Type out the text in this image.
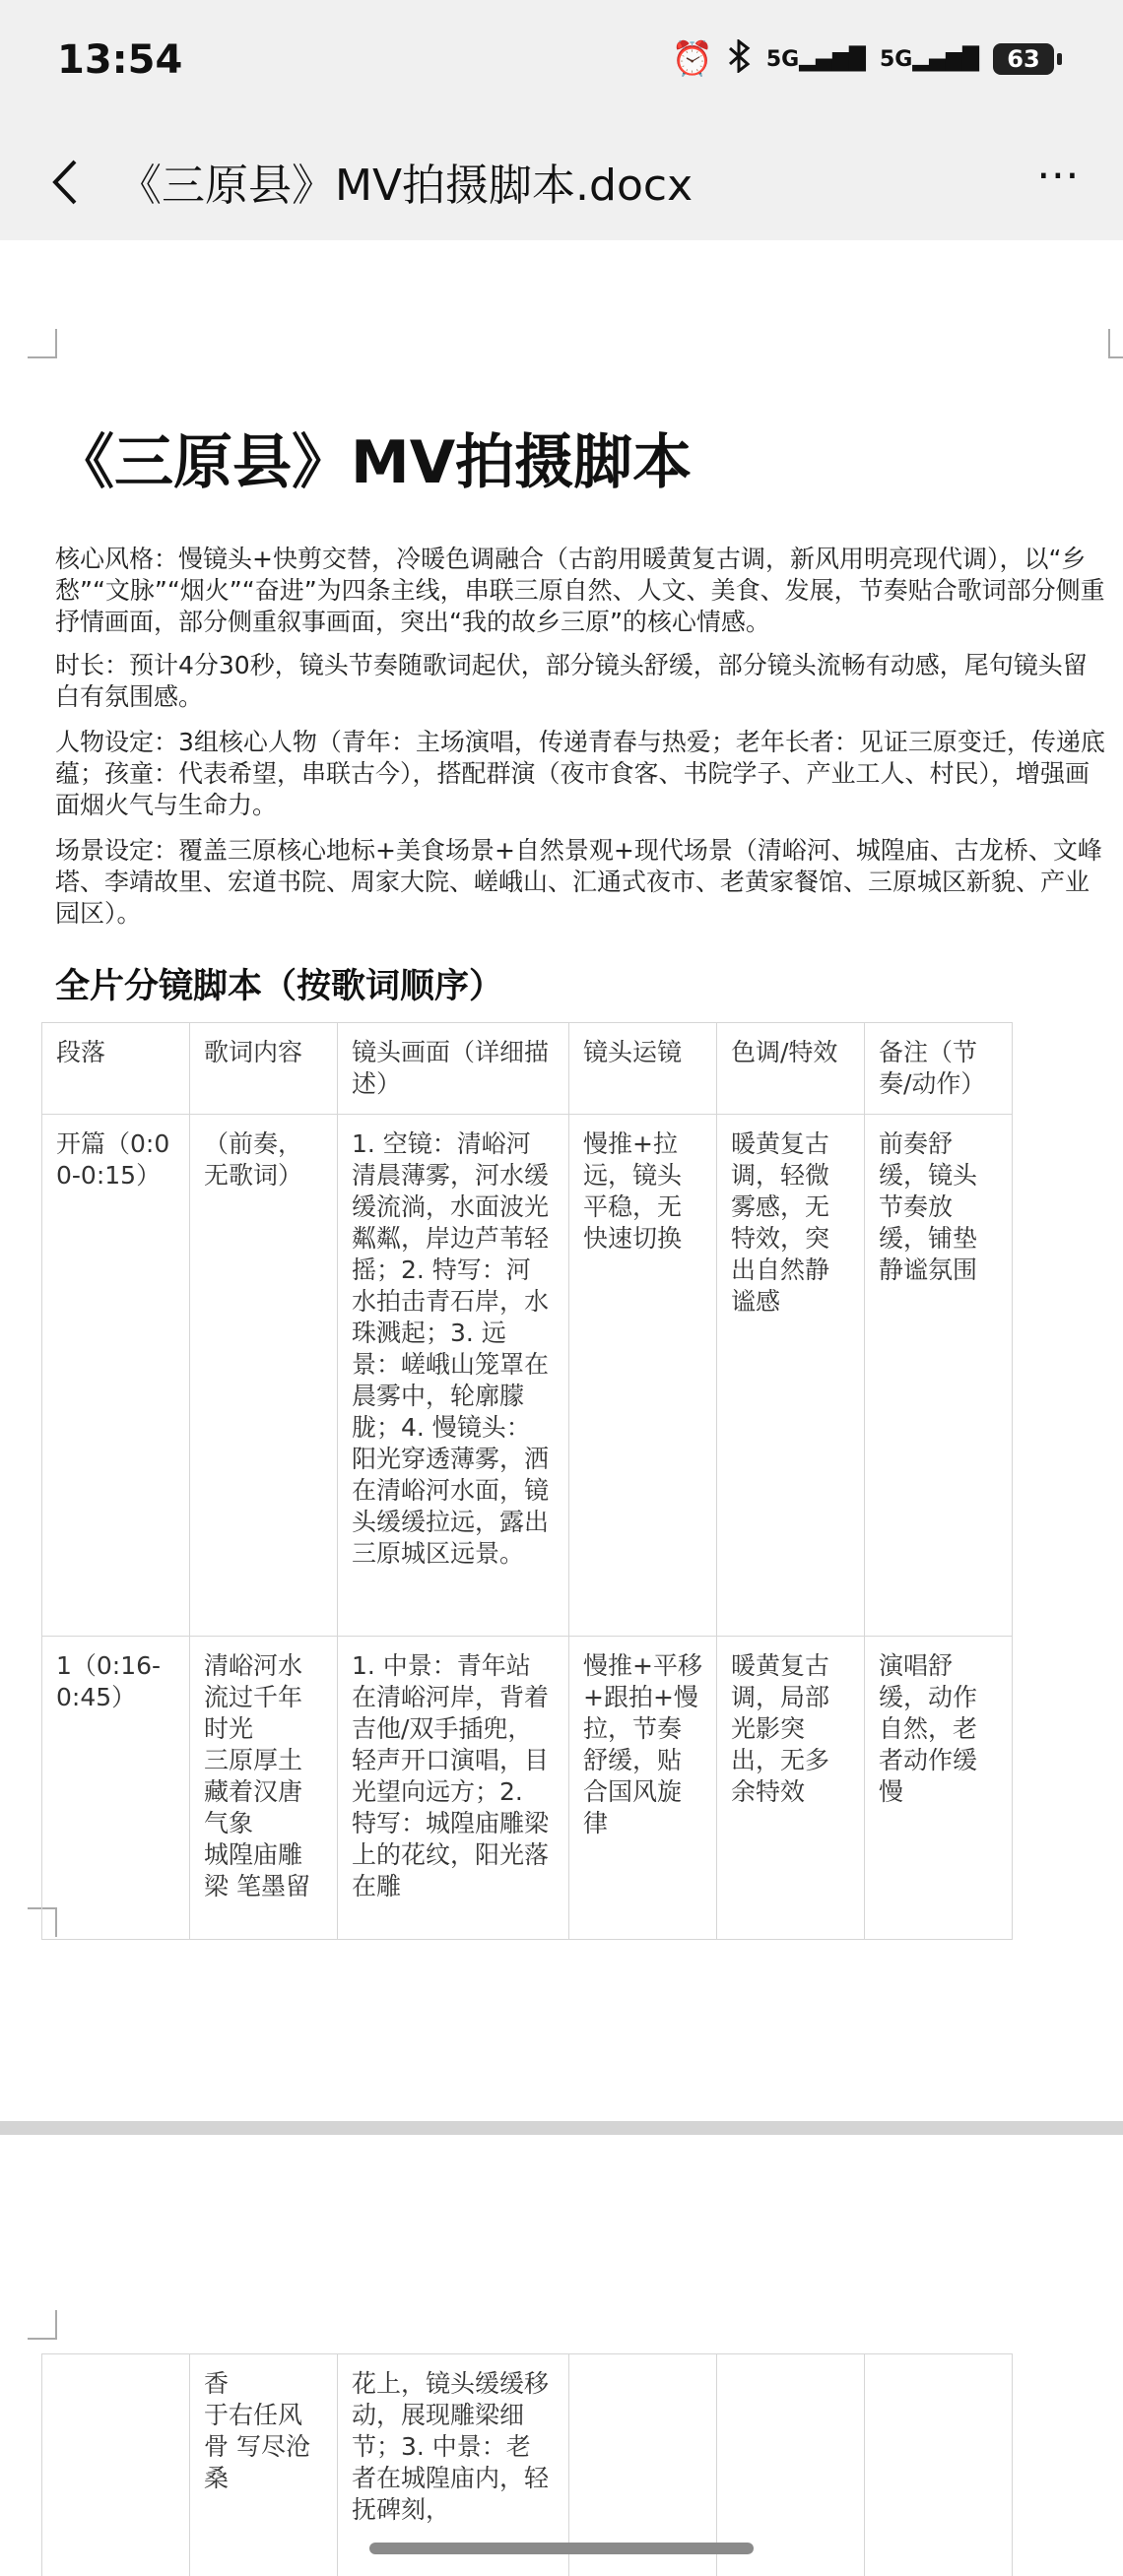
13:54	⏰ 5G▂▄▆█ 5G▂▄▆█ 63
《三原县》MV拍摄脚本.docx	⋯
《三原县》MV拍摄脚本
核心风格：慢镜头+快剪交替，冷暖色调融合（古韵用暖黄复古调，新风用明亮现代调），以“乡愁”“文脉”“烟火”“奋进”为四条主线，串联三原自然、人文、美食、发展，节奏贴合歌词部分侧重抒情画面，部分侧重叙事画面，突出“我的故乡三原”的核心情感。
时长：预计4分30秒，镜头节奏随歌词起伏，部分镜头舒缓，部分镜头流畅有动感，尾句镜头留白有氛围感。
人物设定：3组核心人物（青年：主场演唱，传递青春与热爱；老年长者：见证三原变迁，传递底蕴；孩童：代表希望，串联古今），搭配群演（夜市食客、书院学子、产业工人、村民），增强画面烟火气与生命力。
场景设定：覆盖三原核心地标+美食场景+自然景观+现代场景（清峪河、城隍庙、古龙桥、文峰塔、李靖故里、宏道书院、周家大院、嵯峨山、汇通式夜市、老黄家餐馆、三原城区新貌、产业园区）。
全片分镜脚本（按歌词顺序）
段落	歌词内容	镜头画面（详细描述）	镜头运镜	色调/特效	备注（节奏/动作）
开篇（0:00-0:15）	（前奏，无歌词）	1. 空镜：清峪河清晨薄雾，河水缓缓流淌，水面波光粼粼，岸边芦苇轻摇；2. 特写：河水拍击青石岸，水珠溅起；3. 远景：嵯峨山笼罩在晨雾中，轮廓朦胧；4. 慢镜头：阳光穿透薄雾，洒在清峪河水面，镜头缓缓拉远，露出三原城区远景。	慢推+拉远，镜头平稳，无快速切换	暖黄复古调，轻微雾感，无特效，突出自然静谧感	前奏舒缓，镜头节奏放缓，铺垫静谧氛围
1（0:16-0:45）	清峪河水流过千年时光
三原厚土藏着汉唐气象
城隍庙雕梁 笔墨留	1. 中景：青年站在清峪河岸，背着吉他/双手插兜，轻声开口演唱，目光望向远方；2. 特写：城隍庙雕梁上的花纹，阳光落在雕	慢推+平移+跟拍+慢拉，节奏舒缓，贴合国风旋律	暖黄复古调，局部光影突出，无多余特效	演唱舒缓，动作自然，老者动作缓慢
	香
于右任风骨 写尽沧桑	花上，镜头缓缓移动，展现雕梁细节；3. 中景：老者在城隍庙内，轻抚碑刻，			
